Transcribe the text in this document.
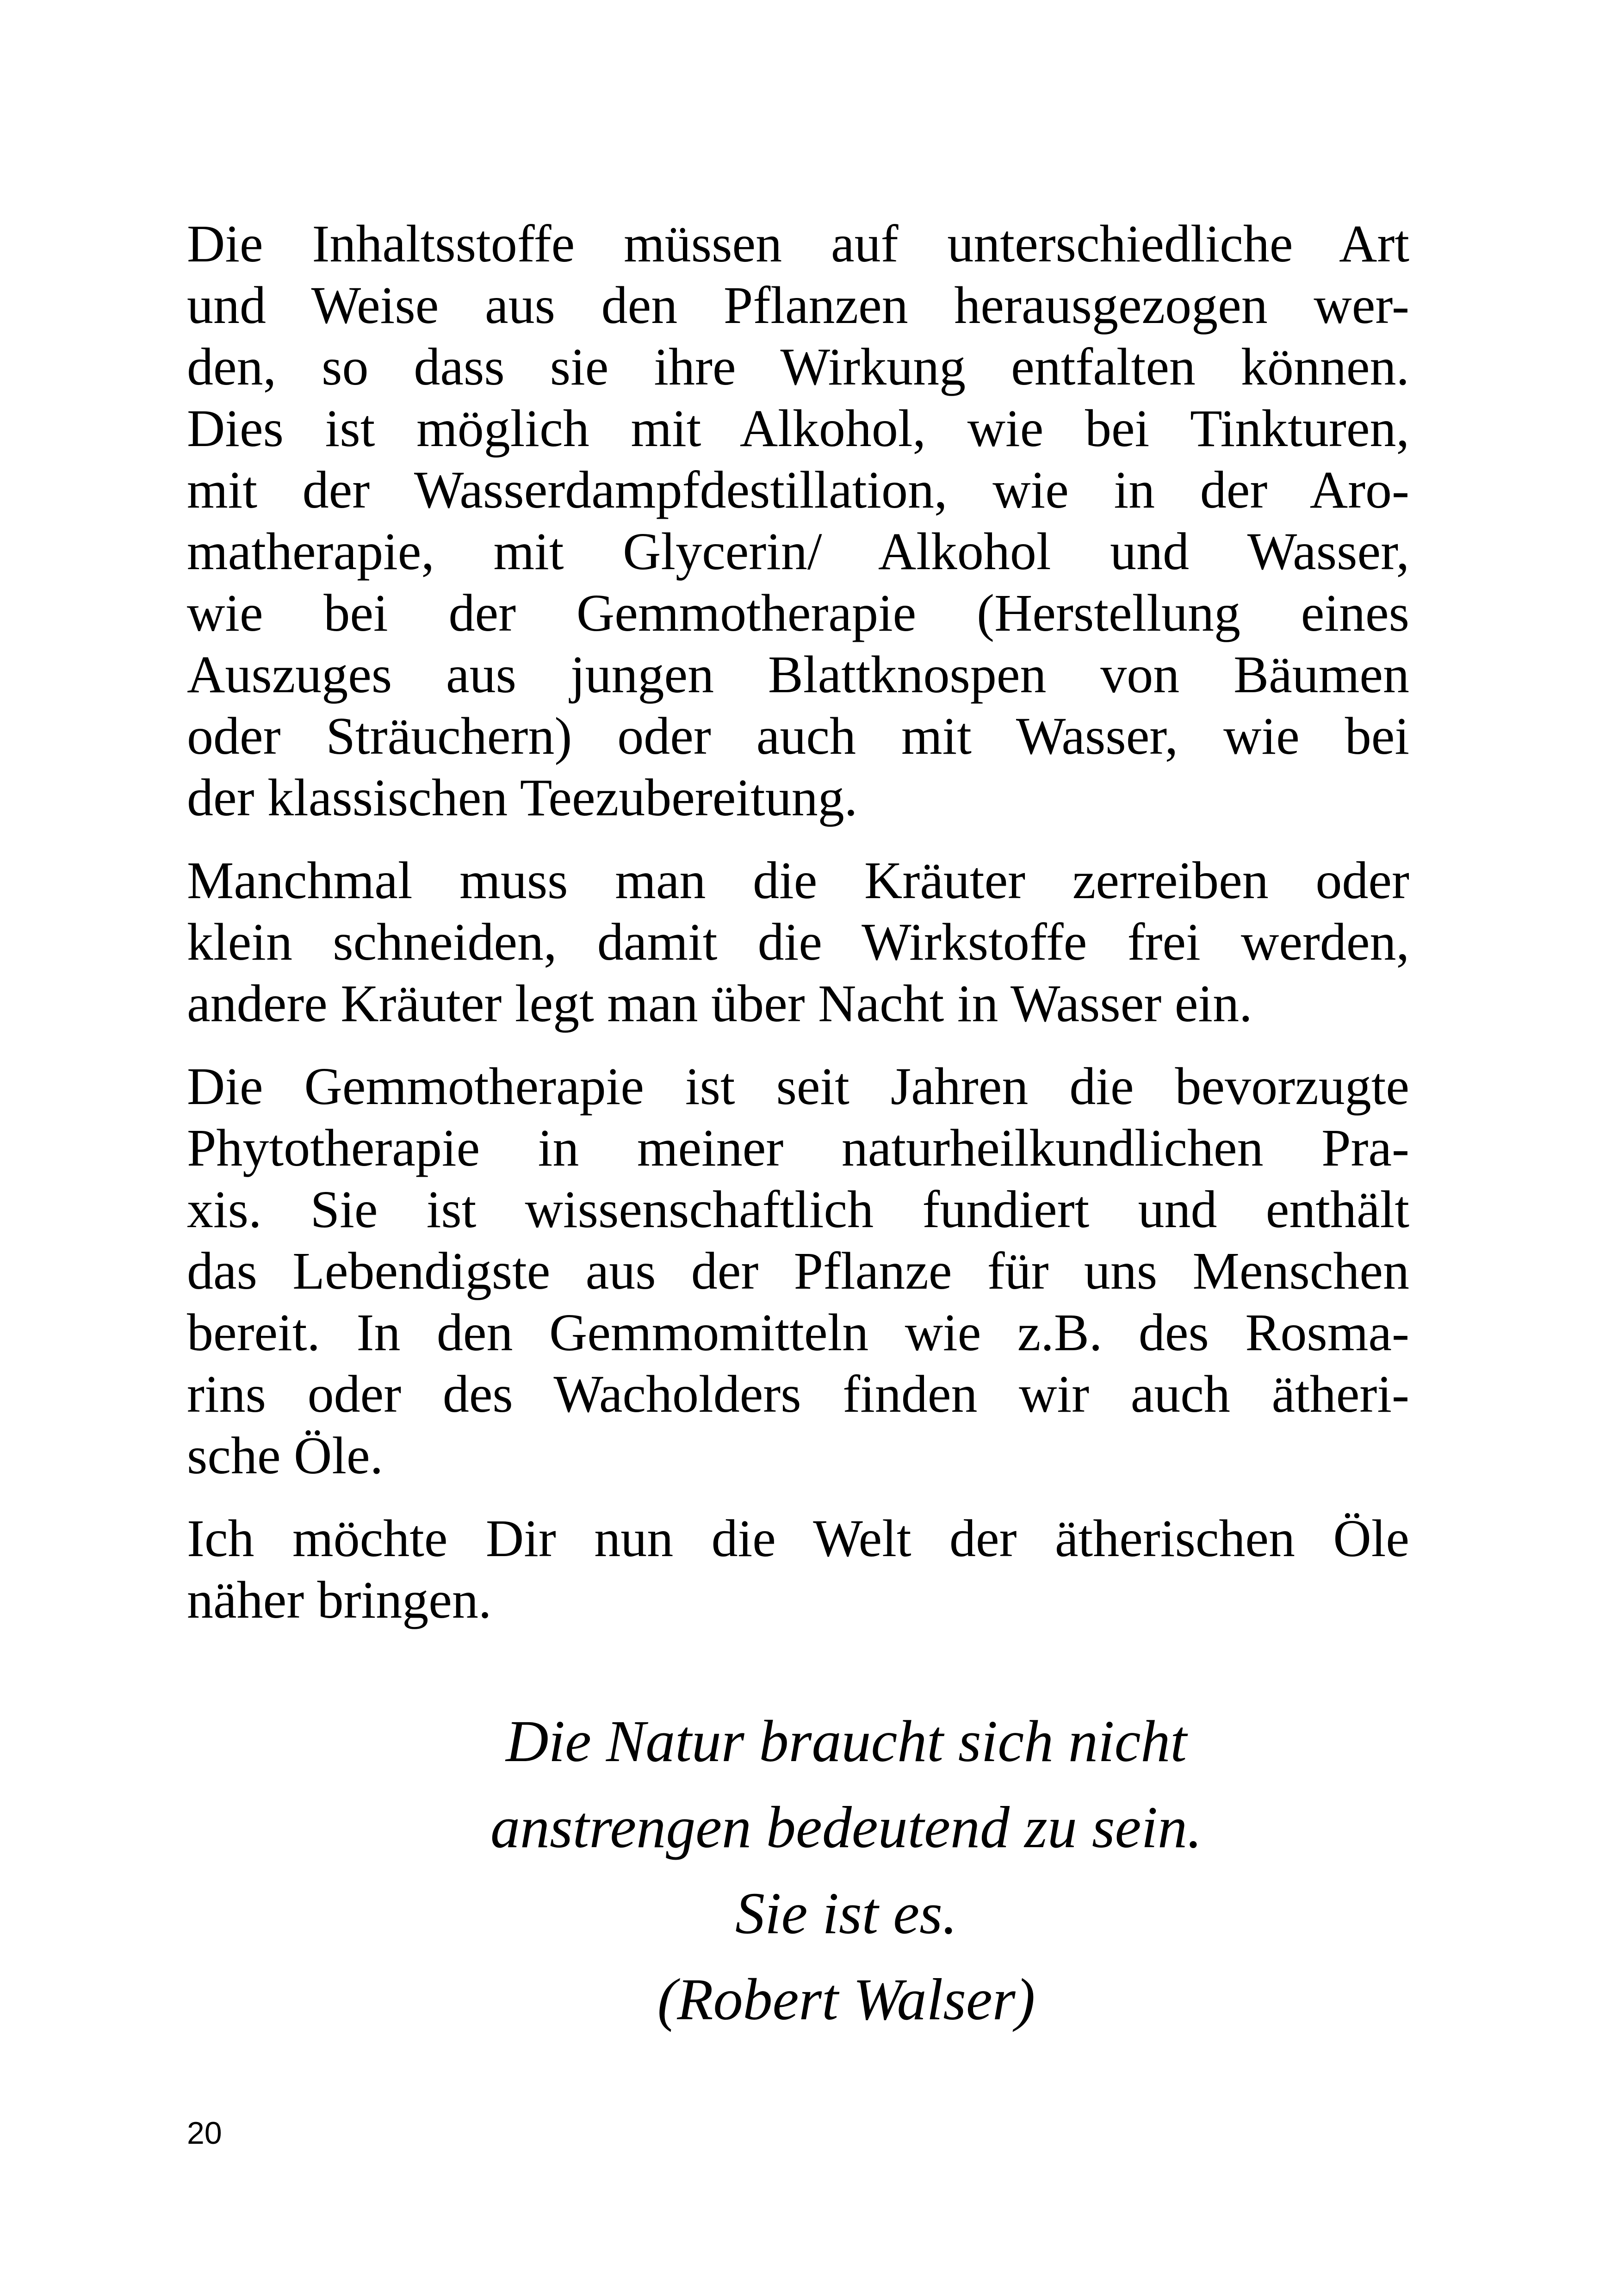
Die Inhaltsstoffe müssen auf unterschiedliche Art
und Weise aus den Pflanzen herausgezogen wer-
den, so dass sie ihre Wirkung entfalten können.
Dies ist möglich mit Alkohol, wie bei Tinkturen,
mit der Wasserdampfdestillation, wie in der Aro-
matherapie, mit Glycerin/ Alkohol und Wasser,
wie bei der Gemmotherapie (Herstellung eines
Auszuges aus jungen Blattknospen von Bäumen
oder Sträuchern) oder auch mit Wasser, wie bei
der klassischen Teezubereitung.

Manchmal muss man die Kräuter zerreiben oder
klein schneiden, damit die Wirkstoffe frei werden,
andere Kräuter legt man über Nacht in Wasser ein.

Die Gemmotherapie ist seit Jahren die bevorzugte
Phytotherapie in meiner naturheilkundlichen Pra-
xis. Sie ist wissenschaftlich fundiert und enthält
das Lebendigste aus der Pflanze für uns Menschen
bereit. In den Gemmomitteln wie z.B. des Rosma-
rins oder des Wacholders finden wir auch ätheri-
sche Öle.

Ich möchte Dir nun die Welt der ätherischen Öle
näher bringen.

Die Natur braucht sich nicht
anstrengen bedeutend zu sein.
Sie ist es.
(Robert Walser)
20
